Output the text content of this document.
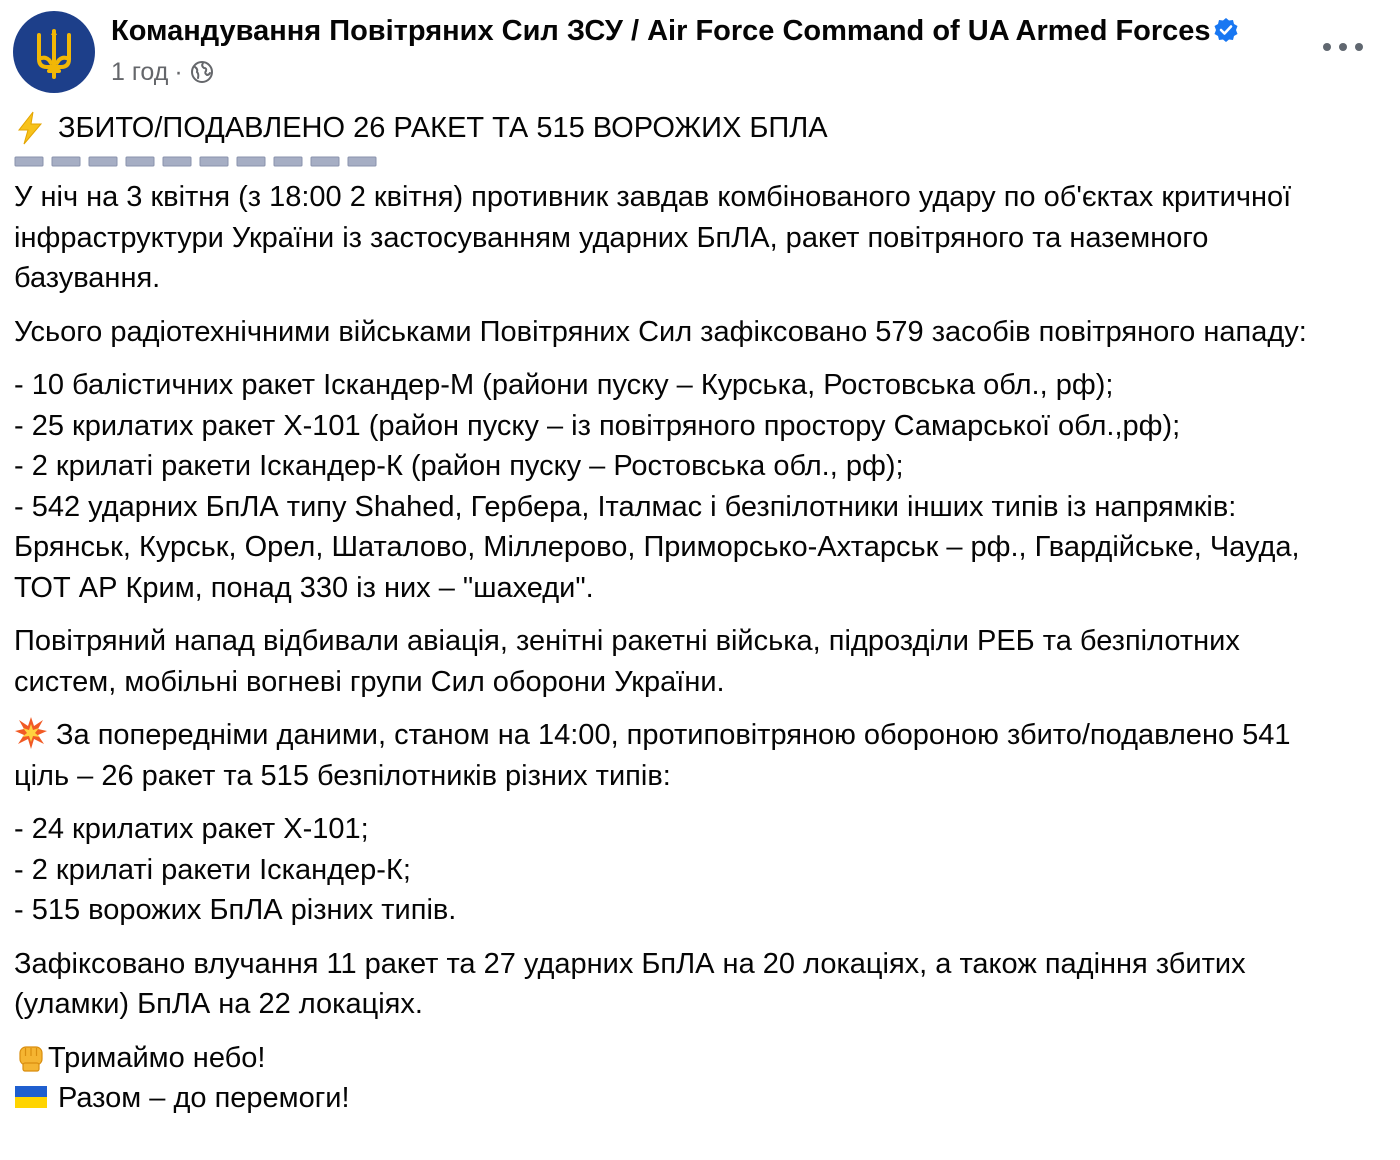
Командування Повітряних Сил ЗСУ / Air Force Command of UA Armed Forces
1 год ·
ЗБИТО/ПОДАВЛЕНО 26 РАКЕТ ТА 515 ВОРОЖИХ БПЛА
У ніч на 3 квітня (з 18:00 2 квітня) противник завдав комбінованого удару по об'єктах критичної
інфраструктури України із застосуванням ударних БпЛА, ракет повітряного та наземного
базування.
Усього радіотехнічними військами Повітряних Сил зафіксовано 579 засобів повітряного нападу:
- 10 балістичних ракет Іскандер-М (райони пуску – Курська, Ростовська обл., рф);
- 25 крилатих ракет Х-101 (район пуску – із повітряного простору Самарської обл.,рф);
- 2 крилаті ракети Іскандер-К (район пуску – Ростовська обл., рф);
- 542 ударних БпЛА типу Shahed, Гербера, Італмас і безпілотники інших типів із напрямків:
Брянськ, Курськ, Орел, Шаталово, Міллерово, Приморсько-Ахтарськ – рф., Гвардійське, Чауда,
ТОТ АР Крим, понад 330 із них – "шахеди".
Повітряний напад відбивали авіація, зенітні ракетні війська, підрозділи РЕБ та безпілотних
систем, мобільні вогневі групи Сил оборони України.
За попередніми даними, станом на 14:00, протиповітряною обороною збито/подавлено 541
ціль – 26 ракет та 515 безпілотників різних типів:
- 24 крилатих ракет Х-101;
- 2 крилаті ракети Іскандер-К;
- 515 ворожих БпЛА різних типів.
Зафіксовано влучання 11 ракет та 27 ударних БпЛА на 20 локаціях, а також падіння збитих
(уламки) БпЛА на 22 локаціях.
Тримаймо небо!
Разом – до перемоги!
